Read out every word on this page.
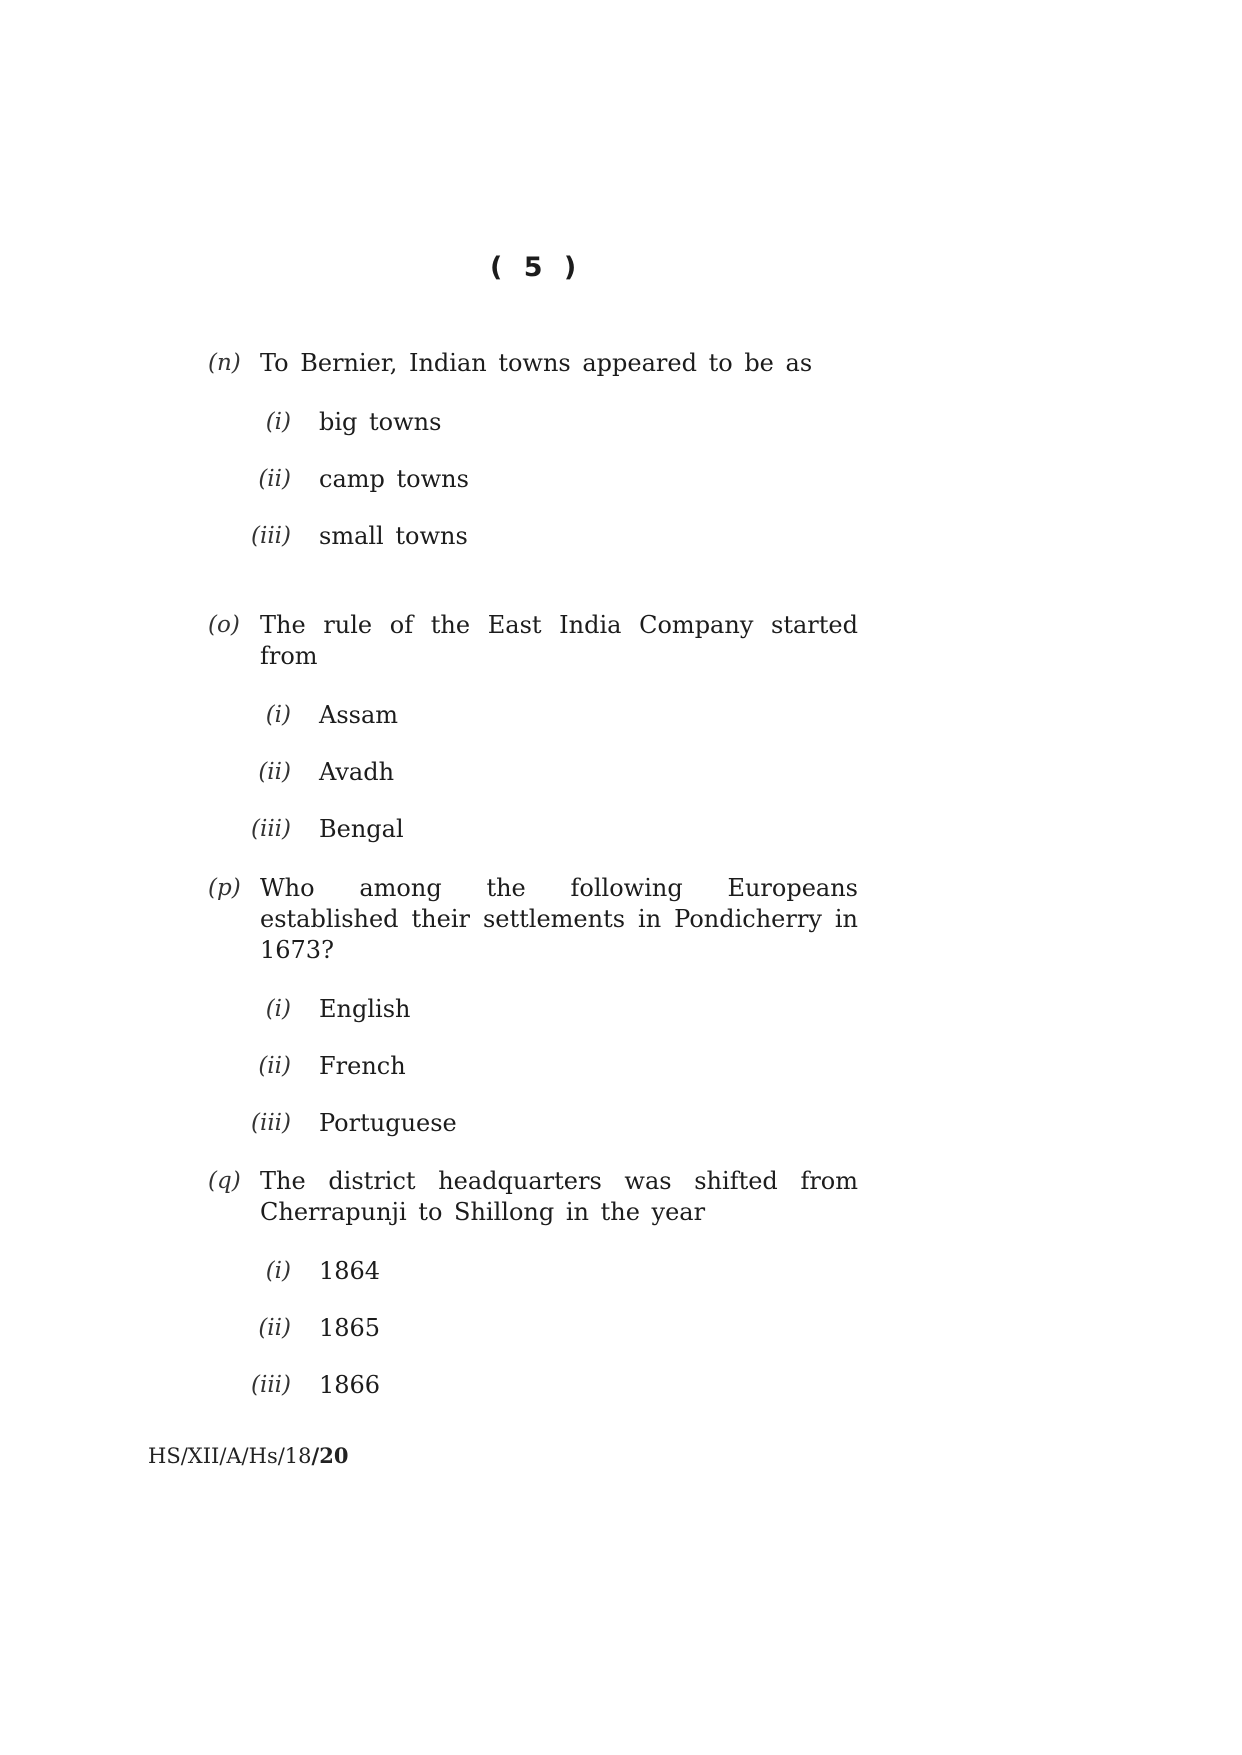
( 5 )
(n) To Bernier, Indian towns appeared to be as
(i) big towns
(ii) camp towns
(iii) small towns
(o) The rule of the East India Company started from
(i) Assam
(ii) Avadh
(iii) Bengal
(p) Who among the following Europeans established their settlements in Pondicherry in 1673?
(i) English
(ii) French
(iii) Portuguese
(q) The district headquarters was shifted from Cherrapunji to Shillong in the year
(i) 1864
(ii) 1865
(iii) 1866
HS/XII/A/Hs/18/20
